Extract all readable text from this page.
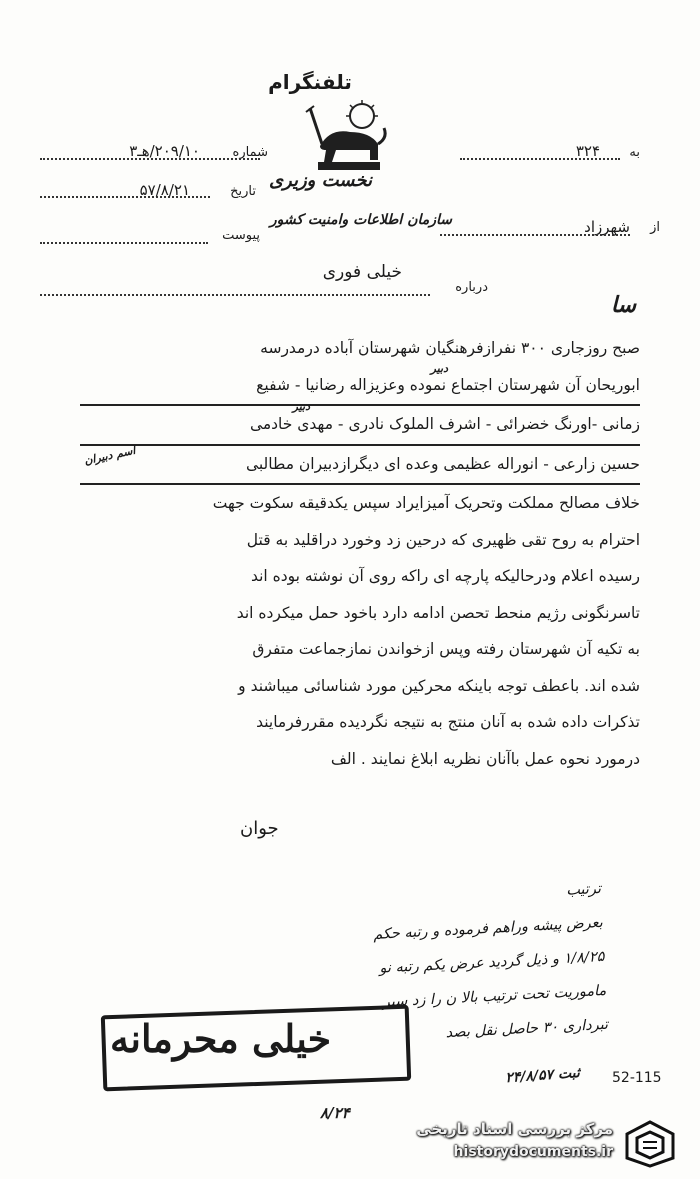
تلفنگرام
به
۳۲۴
شماره
۲۰۹/۱۰/هـ۳
نخست وزیری
تاریخ
۵۷/۸/۲۱
از
شهرزاد
سازمان اطلاعات وامنیت کشور
پیوست
خیلی فوری
درباره
سا

صبح روزجاری ۳۰۰ نفرازفرهنگیان شهرستان آباده درمدرسه

ابوریحان آن شهرستان اجتماع نموده وعزیزاله رضانیا - شفیع

زمانی -اورنگ خضرائی - اشرف الملوک نادری - مهدی خادمی

حسین زارعی - انوراله عظیمی وعده ای دیگرازدبیران مطالبی

خلاف مصالح مملکت وتحریک آمیزایراد سپس یکدقیقه سکوت جهت

احترام به روح تقی ظهیری که درحین زد وخورد دراقلید به قتل

رسیده اعلام ودرحالیکه پارچه ای راکه روی آن نوشته بوده اند

تاسرنگونی رژیم منحط تحصن ادامه دارد باخود حمل میکرده اند

به تکیه آن شهرستان رفته وپس ازخواندن نمازجماعت متفرق

شده اند. باعطف توجه باینکه محرکین مورد شناسائی میباشند و

تذکرات داده شده به آنان منتج به نتیجه نگردیده مقررفرمایند

درمورد نحوه عمل باآنان نظریه ابلاغ نمایند . الف

دبیر
دبیر
اسم دبیران
جوان
ترتیب
بعرض پیشه وراهم فرموده و رتبه حکم
۱/۸/۲۵ و ذیل گردید عرض یکم رتبه نو
ماموریت تحت ترتیب بالا ن را زد سیر
تبرداری ۳۰ حاصل نقل بصد
خیلی محرمانه
ثبت ۲۴/۸/۵۷
۸/۲۴
52-115
مرکز بررسی اسناد تاریخی
historydocuments.ir
